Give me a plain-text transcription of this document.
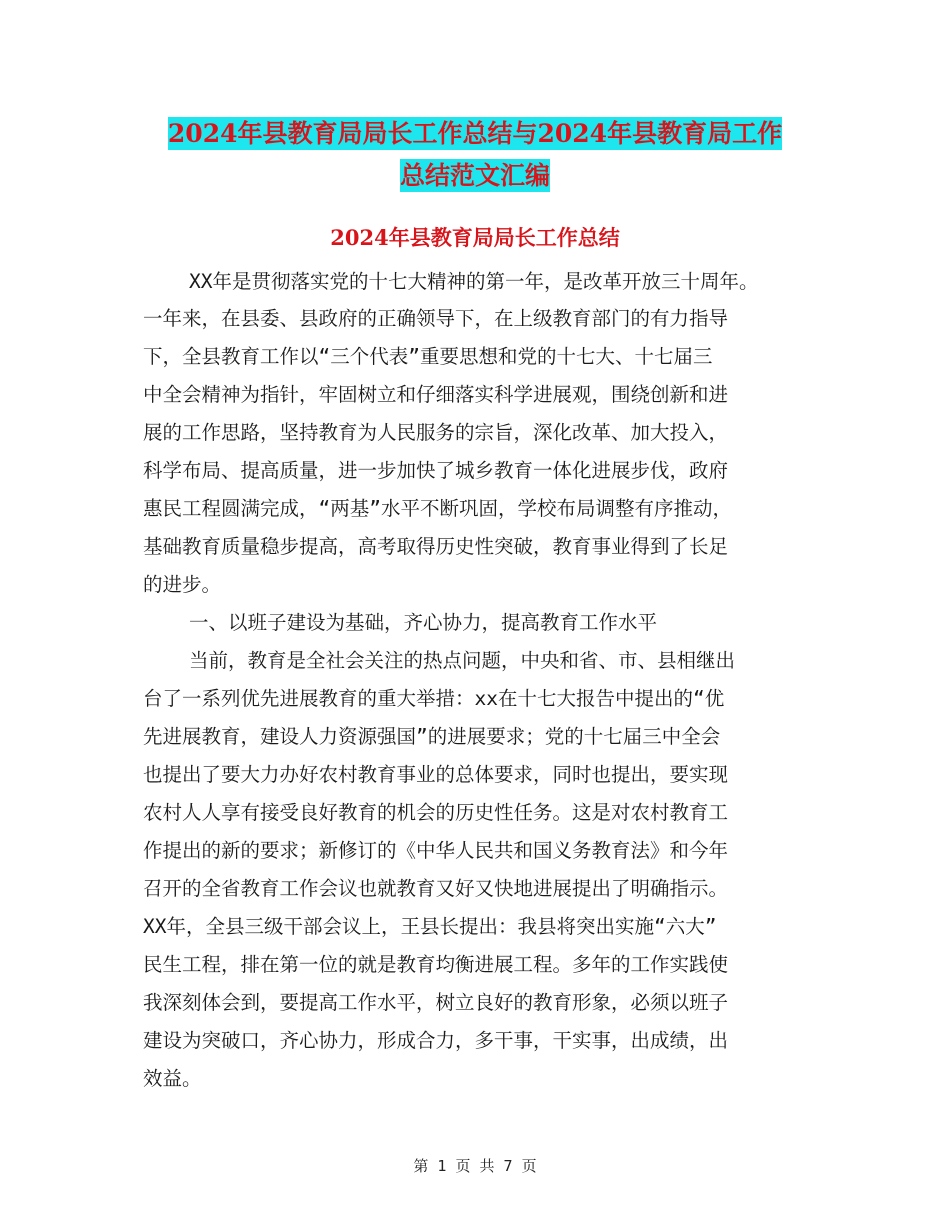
2024年县教育局局长工作总结与2024年县教育局工作
总结范文汇编
2024年县教育局局长工作总结
XX年是贯彻落实党的十七大精神的第一年，是改革开放三十周年。
一年来，在县委、县政府的正确领导下，在上级教育部门的有力指导
下，全县教育工作以“三个代表”重要思想和党的十七大、十七届三
中全会精神为指针，牢固树立和仔细落实科学进展观，围绕创新和进
展的工作思路，坚持教育为人民服务的宗旨，深化改革、加大投入，
科学布局、提高质量，进一步加快了城乡教育一体化进展步伐，政府
惠民工程圆满完成，“两基”水平不断巩固，学校布局调整有序推动，
基础教育质量稳步提高，高考取得历史性突破，教育事业得到了长足
的进步。
一、以班子建设为基础，齐心协力，提高教育工作水平
当前，教育是全社会关注的热点问题，中央和省、市、县相继出
台了一系列优先进展教育的重大举措：xx在十七大报告中提出的“优
先进展教育，建设人力资源强国”的进展要求；党的十七届三中全会
也提出了要大力办好农村教育事业的总体要求，同时也提出，要实现
农村人人享有接受良好教育的机会的历史性任务。这是对农村教育工
作提出的新的要求；新修订的《中华人民共和国义务教育法》和今年
召开的全省教育工作会议也就教育又好又快地进展提出了明确指示。
XX年，全县三级干部会议上，王县长提出：我县将突出实施“六大”
民生工程，排在第一位的就是教育均衡进展工程。多年的工作实践使
我深刻体会到，要提高工作水平，树立良好的教育形象，必须以班子
建设为突破口，齐心协力，形成合力，多干事，干实事，出成绩，出
效益。
第 1 页 共 7 页
